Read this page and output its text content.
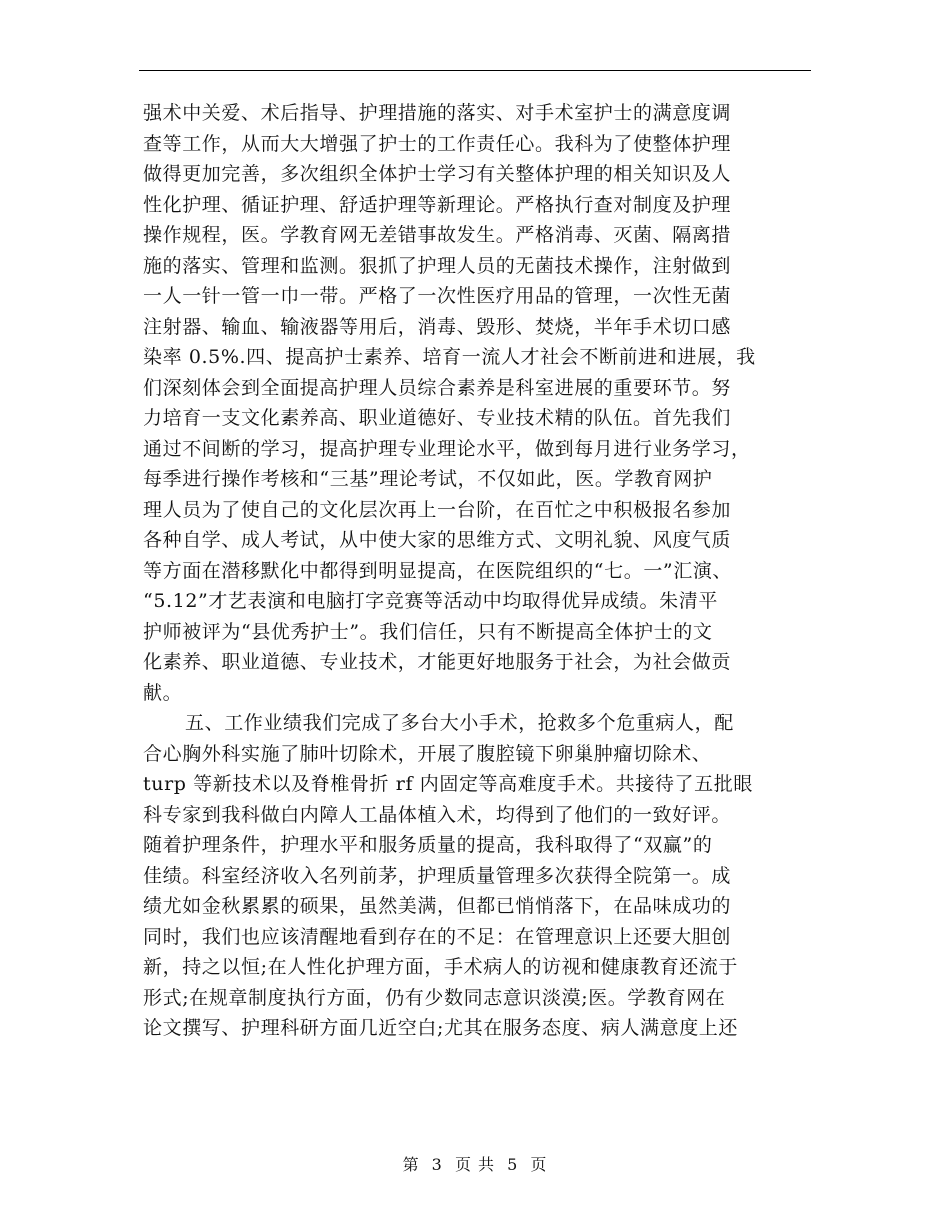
强术中关爱、术后指导、护理措施的落实、对手术室护士的满意度调
查等工作，从而大大增强了护士的工作责任心。我科为了使整体护理
做得更加完善，多次组织全体护士学习有关整体护理的相关知识及人
性化护理、循证护理、舒适护理等新理论。严格执行查对制度及护理
操作规程，医。学教育网无差错事故发生。严格消毒、灭菌、隔离措
施的落实、管理和监测。狠抓了护理人员的无菌技术操作，注射做到
一人一针一管一巾一带。严格了一次性医疗用品的管理，一次性无菌
注射器、输血、输液器等用后，消毒、毁形、焚烧，半年手术切口感
染率 0.5%.四、提高护士素养、培育一流人才社会不断前进和进展，我
们深刻体会到全面提高护理人员综合素养是科室进展的重要环节。努
力培育一支文化素养高、职业道德好、专业技术精的队伍。首先我们
通过不间断的学习，提高护理专业理论水平，做到每月进行业务学习，
每季进行操作考核和“三基”理论考试，不仅如此，医。学教育网护
理人员为了使自己的文化层次再上一台阶，在百忙之中积极报名参加
各种自学、成人考试，从中使大家的思维方式、文明礼貌、风度气质
等方面在潜移默化中都得到明显提高，在医院组织的“七。一”汇演、
“5.12”才艺表演和电脑打字竞赛等活动中均取得优异成绩。朱清平
护师被评为“县优秀护士”。我们信任，只有不断提高全体护士的文
化素养、职业道德、专业技术，才能更好地服务于社会，为社会做贡
献。

五、工作业绩我们完成了多台大小手术，抢救多个危重病人，配
合心胸外科实施了肺叶切除术，开展了腹腔镜下卵巢肿瘤切除术、
turp 等新技术以及脊椎骨折 rf 内固定等高难度手术。共接待了五批眼
科专家到我科做白内障人工晶体植入术，均得到了他们的一致好评。
随着护理条件，护理水平和服务质量的提高，我科取得了“双赢”的
佳绩。科室经济收入名列前茅，护理质量管理多次获得全院第一。成
绩尤如金秋累累的硕果，虽然美满，但都已悄悄落下，在品味成功的
同时，我们也应该清醒地看到存在的不足：在管理意识上还要大胆创
新，持之以恒;在人性化护理方面，手术病人的访视和健康教育还流于
形式;在规章制度执行方面，仍有少数同志意识淡漠;医。学教育网在
论文撰写、护理科研方面几近空白;尤其在服务态度、病人满意度上还

第 3 页 共 5 页
